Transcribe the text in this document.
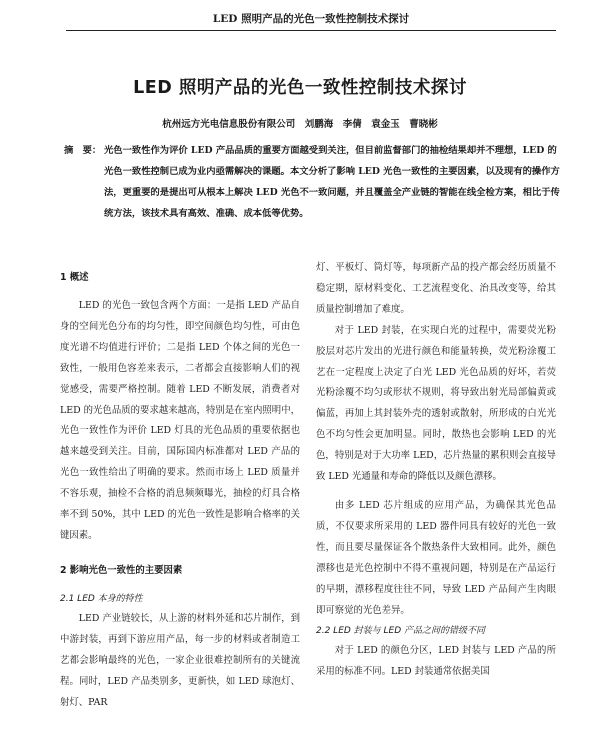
LED 照明产品的光色一致性控制技术探讨
LED 照明产品的光色一致性控制技术探讨
杭州远方光电信息股份有限公司　刘鹏海　李倩　袁金玉　曹晓彬
摘　要： 光色一致性作为评价 LED 产品品质的重要方面越受到关注，但目前监督部门的抽检结果却并不理想，LED 的光色一致性控制已成为业内亟需解决的课题。本文分析了影响 LED 光色一致性的主要因素，以及现有的操作方法，更重要的是提出可从根本上解决 LED 光色不一致问题，并且覆盖全产业链的智能在线全检方案，相比于传统方法，该技术具有高效、准确、成本低等优势。
1 概述

LED 的光色一致包含两个方面：一是指 LED 产品自身的空间光色分布的均匀性，即空间颜色均匀性，可由色度光谱不均值进行评价；二是指 LED 个体之间的光色一致性，一般用色容差来表示，二者都会直接影响人们的视觉感受，需要严格控制。随着 LED 不断发展，消费者对 LED 的光色品质的要求越来越高，特别是在室内照明中，光色一致性作为评价 LED 灯具的光色品质的重要依据也越来越受到关注。目前，国际国内标准都对 LED 产品的光色一致性给出了明确的要求。然而市场上 LED 质量并不容乐观，抽检不合格的消息频频曝光，抽检的灯具合格率不到 50%，其中 LED 的光色一致性是影响合格率的关键因素。

2 影响光色一致性的主要因素
2.1 LED 本身的特性

LED 产业链较长，从上游的材料外延和芯片制作，到中游封装，再到下游应用产品，每一步的材料或者制造工艺都会影响最终的光色，一家企业很难控制所有的关键流程。同时，LED 产品类别多，更新快，如 LED 球泡灯、射灯、PAR

灯、平板灯、筒灯等，每项新产品的投产都会经历质量不稳定期，原材料变化、工艺流程变化、治具改变等，给其质量控制增加了难度。

对于 LED 封装，在实现白光的过程中，需要荧光粉胶层对芯片发出的光进行颜色和能量转换，荧光粉涂覆工艺在一定程度上决定了白光 LED 光色品质的好坏，若荧光粉涂覆不均匀或形状不规则，将导致出射光局部偏黄或偏蓝，再加上其封装外壳的透射或散射，所形成的白光光色不均匀性会更加明显。同时，散热也会影响 LED 的光色，特别是对于大功率 LED，芯片热量的累积则会直接导致 LED 光通量和寿命的降低以及颜色漂移。

由多 LED 芯片组成的应用产品，为确保其光色品质，不仅要求所采用的 LED 器件同具有较好的光色一致性，而且要尽量保证各个散热条件大致相同。此外，颜色漂移也是光色控制中不得不重视问题，特别是在产品运行的早期，漂移程度往往不同，导致 LED 产品间产生肉眼即可察觉的光色差异。

2.2 LED 封装与 LED 产品之间的错级不同

对于 LED 的颜色分区，LED 封装与 LED 产品的所采用的标准不同。LED 封装通常依据美国
